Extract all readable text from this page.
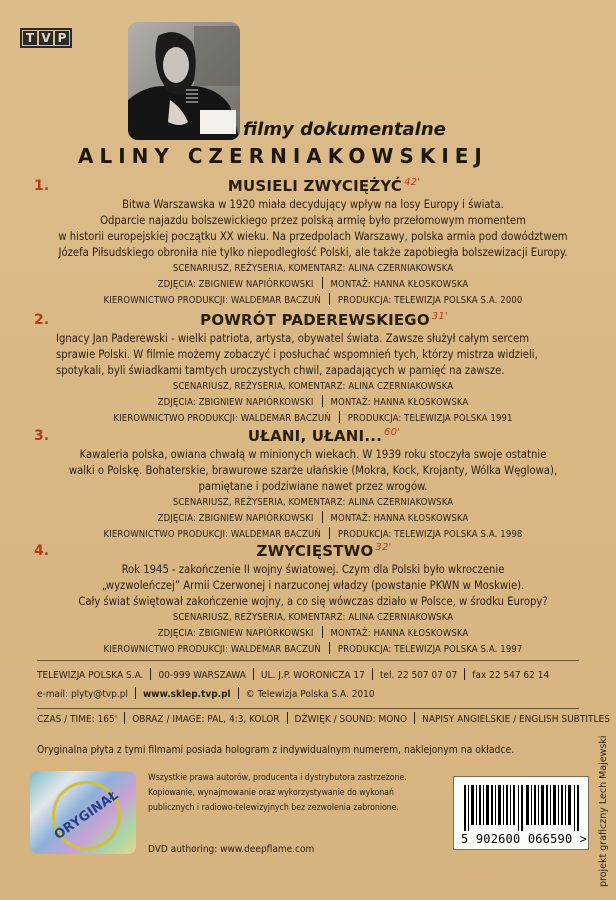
T V P
filmy dokumentalne
ALINY CZERNIAKOWSKIEJ
1.	MUSIELI ZWYCIĘŻYĆ $^{42'}$
Bitwa Warszawska w 1920 miała decydujący wpływ na losy Europy i świata.
Odparcie najazdu bolszewickiego przez polską armię było przełomowym momentem
w historii europejskiej początku XX wieku. Na przedpolach Warszawy, polska armia pod dowództwem
Józefa Piłsudskiego obroniła nie tylko niepodległość Polski, ale także zapobiegła bolszewizacji Europy.
SCENARIUSZ, REŻYSERIA, KOMENTARZ: ALINA CZERNIAKOWSKA
ZDJĘCIA: ZBIGNIEW NAPIÓRKOWSKI MONTAŻ: HANNA KŁOSKOWSKA
KIEROWNICTWO PRODUKCJI: WALDEMAR BACZUŃ PRODUKCJA: TELEWIZJA POLSKA S.A. 2000
2.	POWRÓT PADEREWSKIEGO $^{31'}$
Ignacy Jan Paderewski - wielki patriota, artysta, obywatel świata. Zawsze służył całym sercem
sprawie Polski. W filmie możemy zobaczyć i posłuchać wspomnień tych, którzy mistrza widzieli,
spotykali, byli świadkami tamtych uroczystych chwil, zapadających w pamięć na zawsze.
SCENARIUSZ, REŻYSERIA, KOMENTARZ: ALINA CZERNIAKOWSKA
ZDJĘCIA: ZBIGNIEW NAPIÓRKOWSKI MONTAŻ: HANNA KŁOSKOWSKA
KIEROWNICTWO PRODUKCJI: WALDEMAR BACZUŃ PRODUKCJA: TELEWIZJA POLSKA 1991
3.	UŁANI, UŁANI... $^{60'}$
Kawaleria polska, owiana chwałą w minionych wiekach. W 1939 roku stoczyła swoje ostatnie
walki o Polskę. Bohaterskie, brawurowe szarże ułańskie (Mokra, Kock, Krojanty, Wólka Węglowa),
pamiętane i podziwiane nawet przez wrogów.
SCENARIUSZ, REŻYSERIA, KOMENTARZ: ALINA CZERNIAKOWSKA
ZDJĘCIA: ZBIGNIEW NAPIÓRKOWSKI MONTAŻ: HANNA KŁOSKOWSKA
KIEROWNICTWO PRODUKCJI: WALDEMAR BACZUŃ PRODUKCJA: TELEWIZJA POLSKA S.A. 1998
4.	ZWYCIĘSTWO $^{32'}$
Rok 1945 - zakończenie II wojny światowej. Czym dla Polski było wkroczenie
„wyzwoleńczej” Armii Czerwonej i narzuconej władzy (powstanie PKWN w Moskwie).
Cały świat świętował zakończenie wojny, a co się wówczas działo w Polsce, w środku Europy?
SCENARIUSZ, REŻYSERIA, KOMENTARZ: ALINA CZERNIAKOWSKA
ZDJĘCIA: ZBIGNIEW NAPIÓRKOWSKI MONTAŻ: HANNA KŁOSKOWSKA
KIEROWNICTWO PRODUKCJI: WALDEMAR BACZUŃ PRODUKCJA: TELEWIZJA POLSKA S.A. 1997
TELEWIZJA POLSKA S.A. 00-999 WARSZAWA UL. J.P. WORONICZA 17 tel. 22 507 07 07 fax 22 547 62 14
e-mail: plyty@tvp.pl www.sklep.tvp.pl © Telewizja Polska S.A. 2010
CZAS / TIME: 165' OBRAZ / IMAGE: PAL, 4:3, KOLOR DŹWIĘK / SOUND: MONO NAPISY ANGIELSKIE / ENGLISH SUBTITLES
Oryginalna płyta z tymi filmami posiada hologram z indywidualnym numerem, naklejonym na okładce.
ORYGINAŁ
Wszystkie prawa autorów, producenta i dystrybutora zastrzeżone.
Kopiowanie, wynajmowanie oraz wykorzystywanie do wykonań
publicznych i radiowo-telewizyjnych bez zezwolenia zabronione.
DVD authoring: www.deepflame.com
5 902600 066590 > projekt graficzny Lech Majewski
